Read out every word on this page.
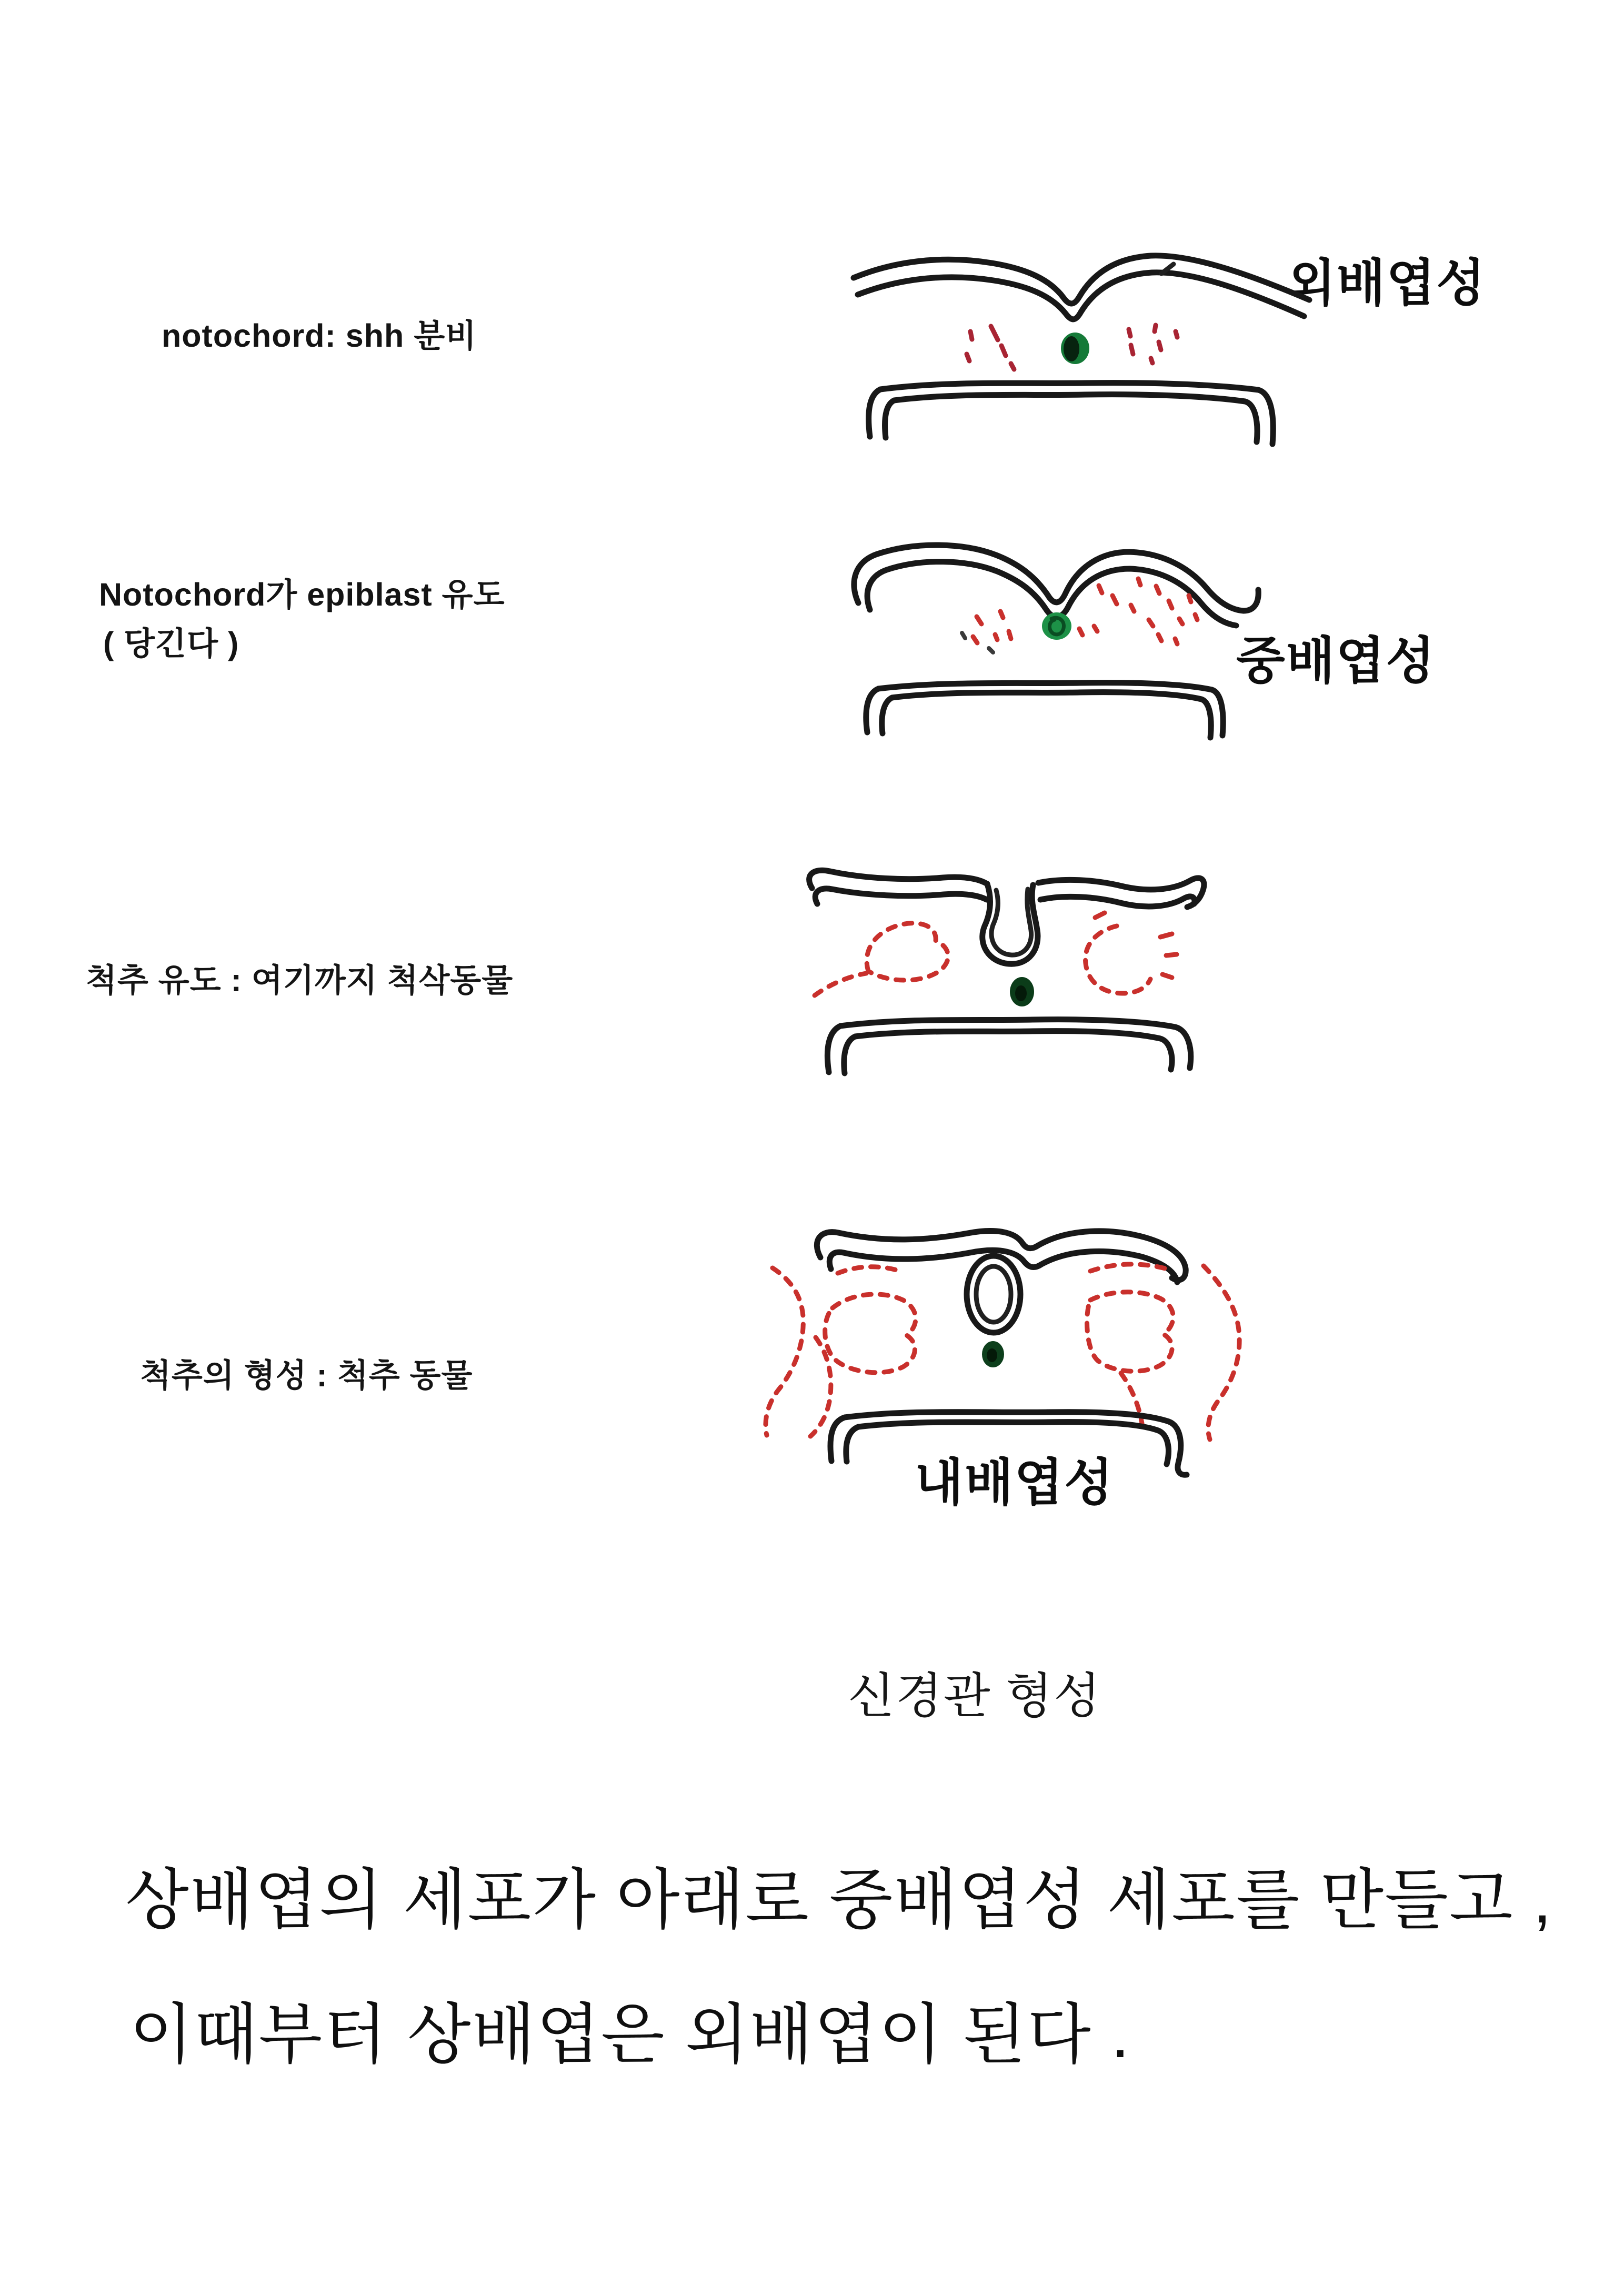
notochord: shh 분비
외배엽성
Notochord가 epiblast 유도
( 당긴다 )	중배엽성
척추 유도 : 여기까지 척삭동물
척추의 형성 : 척추 동물
내배엽성
신경관 형성
상배엽의 세포가 아래로 중배엽성 세포를 만들고 ,
이때부터 상배엽은 외배엽이 된다 .
